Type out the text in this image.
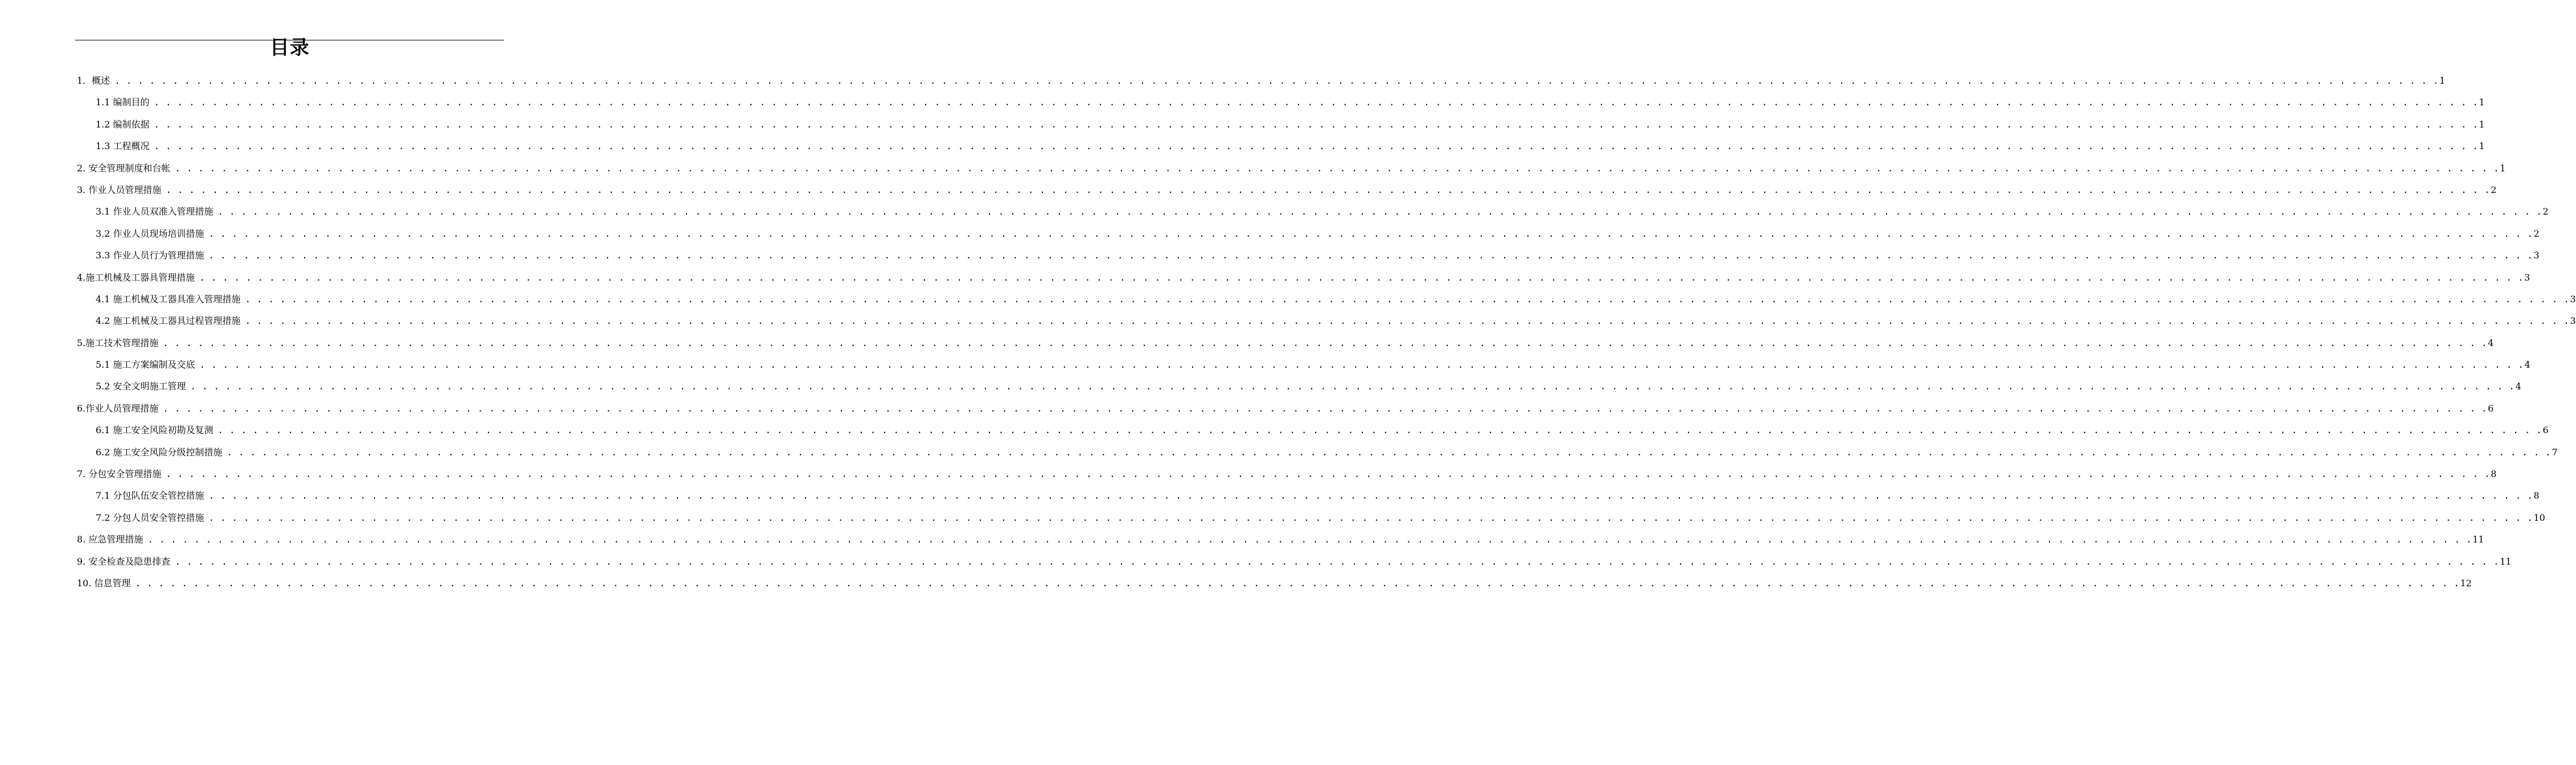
目录
1．概述 . . . . . . . . . . . . . . . . . . . . . . . . . . . . . . . . . . . . . . . . . . . . . . . . . . . . . . . . . . . . . . . . . . . . . . . . . . . . . . . . . . . . . . . . . . . . . . . . . . . . . . . . . . . . . . . . . . . . . . . . . . . . . . . . . . . . . . . . . . . . . . . . . . . . . . . . . . . . . . . . . . . . . . . . . . . . . . . . . . . . . . . . . . . . . . . . . . . . . . . . 1
1.1 编制目的 . . . . . . . . . . . . . . . . . . . . . . . . . . . . . . . . . . . . . . . . . . . . . . . . . . . . . . . . . . . . . . . . . . . . . . . . . . . . . . . . . . . . . . . . . . . . . . . . . . . . . . . . . . . . . . . . . . . . . . . . . . . . . . . . . . . . . . . . . . . . . . . . . . . . . . . . . . . . . . . . . . . . . . . . . . . . . . . . . . . . . . . . . . . . . . . . . . . . . . . . 1
1.2 编制依据 . . . . . . . . . . . . . . . . . . . . . . . . . . . . . . . . . . . . . . . . . . . . . . . . . . . . . . . . . . . . . . . . . . . . . . . . . . . . . . . . . . . . . . . . . . . . . . . . . . . . . . . . . . . . . . . . . . . . . . . . . . . . . . . . . . . . . . . . . . . . . . . . . . . . . . . . . . . . . . . . . . . . . . . . . . . . . . . . . . . . . . . . . . . . . . . . . . . . . . . . 1
1.3 工程概况 . . . . . . . . . . . . . . . . . . . . . . . . . . . . . . . . . . . . . . . . . . . . . . . . . . . . . . . . . . . . . . . . . . . . . . . . . . . . . . . . . . . . . . . . . . . . . . . . . . . . . . . . . . . . . . . . . . . . . . . . . . . . . . . . . . . . . . . . . . . . . . . . . . . . . . . . . . . . . . . . . . . . . . . . . . . . . . . . . . . . . . . . . . . . . . . . . . . . . . . . 1
2. 安全管理制度和台帐 . . . . . . . . . . . . . . . . . . . . . . . . . . . . . . . . . . . . . . . . . . . . . . . . . . . . . . . . . . . . . . . . . . . . . . . . . . . . . . . . . . . . . . . . . . . . . . . . . . . . . . . . . . . . . . . . . . . . . . . . . . . . . . . . . . . . . . . . . . . . . . . . . . . . . . . . . . . . . . . . . . . . . . . . . . . . . . . . . . . . . . . . . . . . . . . . . . . . . . . . 1
3. 作业人员管理措施 . . . . . . . . . . . . . . . . . . . . . . . . . . . . . . . . . . . . . . . . . . . . . . . . . . . . . . . . . . . . . . . . . . . . . . . . . . . . . . . . . . . . . . . . . . . . . . . . . . . . . . . . . . . . . . . . . . . . . . . . . . . . . . . . . . . . . . . . . . . . . . . . . . . . . . . . . . . . . . . . . . . . . . . . . . . . . . . . . . . . . . . . . . . . . . . . . . . . . . . . 2
3.1 作业人员双准入管理措施 . . . . . . . . . . . . . . . . . . . . . . . . . . . . . . . . . . . . . . . . . . . . . . . . . . . . . . . . . . . . . . . . . . . . . . . . . . . . . . . . . . . . . . . . . . . . . . . . . . . . . . . . . . . . . . . . . . . . . . . . . . . . . . . . . . . . . . . . . . . . . . . . . . . . . . . . . . . . . . . . . . . . . . . . . . . . . . . . . . . . . . . . . . . . . . . . . . . . . . . . 2
3.2 作业人员现场培训措施 . . . . . . . . . . . . . . . . . . . . . . . . . . . . . . . . . . . . . . . . . . . . . . . . . . . . . . . . . . . . . . . . . . . . . . . . . . . . . . . . . . . . . . . . . . . . . . . . . . . . . . . . . . . . . . . . . . . . . . . . . . . . . . . . . . . . . . . . . . . . . . . . . . . . . . . . . . . . . . . . . . . . . . . . . . . . . . . . . . . . . . . . . . . . . . . . . . . . . . . . 2
3.3 作业人员行为管理措施 . . . . . . . . . . . . . . . . . . . . . . . . . . . . . . . . . . . . . . . . . . . . . . . . . . . . . . . . . . . . . . . . . . . . . . . . . . . . . . . . . . . . . . . . . . . . . . . . . . . . . . . . . . . . . . . . . . . . . . . . . . . . . . . . . . . . . . . . . . . . . . . . . . . . . . . . . . . . . . . . . . . . . . . . . . . . . . . . . . . . . . . . . . . . . . . . . . . . . . . . 3
4.施工机械及工器具管理措施 . . . . . . . . . . . . . . . . . . . . . . . . . . . . . . . . . . . . . . . . . . . . . . . . . . . . . . . . . . . . . . . . . . . . . . . . . . . . . . . . . . . . . . . . . . . . . . . . . . . . . . . . . . . . . . . . . . . . . . . . . . . . . . . . . . . . . . . . . . . . . . . . . . . . . . . . . . . . . . . . . . . . . . . . . . . . . . . . . . . . . . . . . . . . . . . . . . . . . . . . 3
4.1 施工机械及工器具准入管理措施 . . . . . . . . . . . . . . . . . . . . . . . . . . . . . . . . . . . . . . . . . . . . . . . . . . . . . . . . . . . . . . . . . . . . . . . . . . . . . . . . . . . . . . . . . . . . . . . . . . . . . . . . . . . . . . . . . . . . . . . . . . . . . . . . . . . . . . . . . . . . . . . . . . . . . . . . . . . . . . . . . . . . . . . . . . . . . . . . . . . . . . . . . . . . . . . . . . . . . . . . 3
4.2 施工机械及工器具过程管理措施 . . . . . . . . . . . . . . . . . . . . . . . . . . . . . . . . . . . . . . . . . . . . . . . . . . . . . . . . . . . . . . . . . . . . . . . . . . . . . . . . . . . . . . . . . . . . . . . . . . . . . . . . . . . . . . . . . . . . . . . . . . . . . . . . . . . . . . . . . . . . . . . . . . . . . . . . . . . . . . . . . . . . . . . . . . . . . . . . . . . . . . . . . . . . . . . . . . . . . . . . 3
5.施工技术管理措施 . . . . . . . . . . . . . . . . . . . . . . . . . . . . . . . . . . . . . . . . . . . . . . . . . . . . . . . . . . . . . . . . . . . . . . . . . . . . . . . . . . . . . . . . . . . . . . . . . . . . . . . . . . . . . . . . . . . . . . . . . . . . . . . . . . . . . . . . . . . . . . . . . . . . . . . . . . . . . . . . . . . . . . . . . . . . . . . . . . . . . . . . . . . . . . . . . . . . . . . . 4
5.1 施工方案编制及交底 . . . . . . . . . . . . . . . . . . . . . . . . . . . . . . . . . . . . . . . . . . . . . . . . . . . . . . . . . . . . . . . . . . . . . . . . . . . . . . . . . . . . . . . . . . . . . . . . . . . . . . . . . . . . . . . . . . . . . . . . . . . . . . . . . . . . . . . . . . . . . . . . . . . . . . . . . . . . . . . . . . . . . . . . . . . . . . . . . . . . . . . . . . . . . . . . . . . . . . . . 4
5.2 安全文明施工管理 . . . . . . . . . . . . . . . . . . . . . . . . . . . . . . . . . . . . . . . . . . . . . . . . . . . . . . . . . . . . . . . . . . . . . . . . . . . . . . . . . . . . . . . . . . . . . . . . . . . . . . . . . . . . . . . . . . . . . . . . . . . . . . . . . . . . . . . . . . . . . . . . . . . . . . . . . . . . . . . . . . . . . . . . . . . . . . . . . . . . . . . . . . . . . . . . . . . . . . . . 4
6.作业人员管理措施 . . . . . . . . . . . . . . . . . . . . . . . . . . . . . . . . . . . . . . . . . . . . . . . . . . . . . . . . . . . . . . . . . . . . . . . . . . . . . . . . . . . . . . . . . . . . . . . . . . . . . . . . . . . . . . . . . . . . . . . . . . . . . . . . . . . . . . . . . . . . . . . . . . . . . . . . . . . . . . . . . . . . . . . . . . . . . . . . . . . . . . . . . . . . . . . . . . . . . . . . 6
6.1 施工安全风险初勘及复测 . . . . . . . . . . . . . . . . . . . . . . . . . . . . . . . . . . . . . . . . . . . . . . . . . . . . . . . . . . . . . . . . . . . . . . . . . . . . . . . . . . . . . . . . . . . . . . . . . . . . . . . . . . . . . . . . . . . . . . . . . . . . . . . . . . . . . . . . . . . . . . . . . . . . . . . . . . . . . . . . . . . . . . . . . . . . . . . . . . . . . . . . . . . . . . . . . . . . . . . . 6
6.2 施工安全风险分级控制措施 . . . . . . . . . . . . . . . . . . . . . . . . . . . . . . . . . . . . . . . . . . . . . . . . . . . . . . . . . . . . . . . . . . . . . . . . . . . . . . . . . . . . . . . . . . . . . . . . . . . . . . . . . . . . . . . . . . . . . . . . . . . . . . . . . . . . . . . . . . . . . . . . . . . . . . . . . . . . . . . . . . . . . . . . . . . . . . . . . . . . . . . . . . . . . . . . . . . . . . . . 7
7. 分包安全管理措施 . . . . . . . . . . . . . . . . . . . . . . . . . . . . . . . . . . . . . . . . . . . . . . . . . . . . . . . . . . . . . . . . . . . . . . . . . . . . . . . . . . . . . . . . . . . . . . . . . . . . . . . . . . . . . . . . . . . . . . . . . . . . . . . . . . . . . . . . . . . . . . . . . . . . . . . . . . . . . . . . . . . . . . . . . . . . . . . . . . . . . . . . . . . . . . . . . . . . . . . . 8
7.1 分包队伍安全管控措施 . . . . . . . . . . . . . . . . . . . . . . . . . . . . . . . . . . . . . . . . . . . . . . . . . . . . . . . . . . . . . . . . . . . . . . . . . . . . . . . . . . . . . . . . . . . . . . . . . . . . . . . . . . . . . . . . . . . . . . . . . . . . . . . . . . . . . . . . . . . . . . . . . . . . . . . . . . . . . . . . . . . . . . . . . . . . . . . . . . . . . . . . . . . . . . . . . . . . . . . . 8
7.2 分包人员安全管控措施 . . . . . . . . . . . . . . . . . . . . . . . . . . . . . . . . . . . . . . . . . . . . . . . . . . . . . . . . . . . . . . . . . . . . . . . . . . . . . . . . . . . . . . . . . . . . . . . . . . . . . . . . . . . . . . . . . . . . . . . . . . . . . . . . . . . . . . . . . . . . . . . . . . . . . . . . . . . . . . . . . . . . . . . . . . . . . . . . . . . . . . . . . . . . . . . . . . . . . . . . 10
8. 应急管理措施 . . . . . . . . . . . . . . . . . . . . . . . . . . . . . . . . . . . . . . . . . . . . . . . . . . . . . . . . . . . . . . . . . . . . . . . . . . . . . . . . . . . . . . . . . . . . . . . . . . . . . . . . . . . . . . . . . . . . . . . . . . . . . . . . . . . . . . . . . . . . . . . . . . . . . . . . . . . . . . . . . . . . . . . . . . . . . . . . . . . . . . . . . . . . . . . . . . . . . . . . 11
9. 安全检查及隐患排查 . . . . . . . . . . . . . . . . . . . . . . . . . . . . . . . . . . . . . . . . . . . . . . . . . . . . . . . . . . . . . . . . . . . . . . . . . . . . . . . . . . . . . . . . . . . . . . . . . . . . . . . . . . . . . . . . . . . . . . . . . . . . . . . . . . . . . . . . . . . . . . . . . . . . . . . . . . . . . . . . . . . . . . . . . . . . . . . . . . . . . . . . . . . . . . . . . . . . . . . . 11
10. 信息管理 . . . . . . . . . . . . . . . . . . . . . . . . . . . . . . . . . . . . . . . . . . . . . . . . . . . . . . . . . . . . . . . . . . . . . . . . . . . . . . . . . . . . . . . . . . . . . . . . . . . . . . . . . . . . . . . . . . . . . . . . . . . . . . . . . . . . . . . . . . . . . . . . . . . . . . . . . . . . . . . . . . . . . . . . . . . . . . . . . . . . . . . . . . . . . . . . . . . . . . . . 12
